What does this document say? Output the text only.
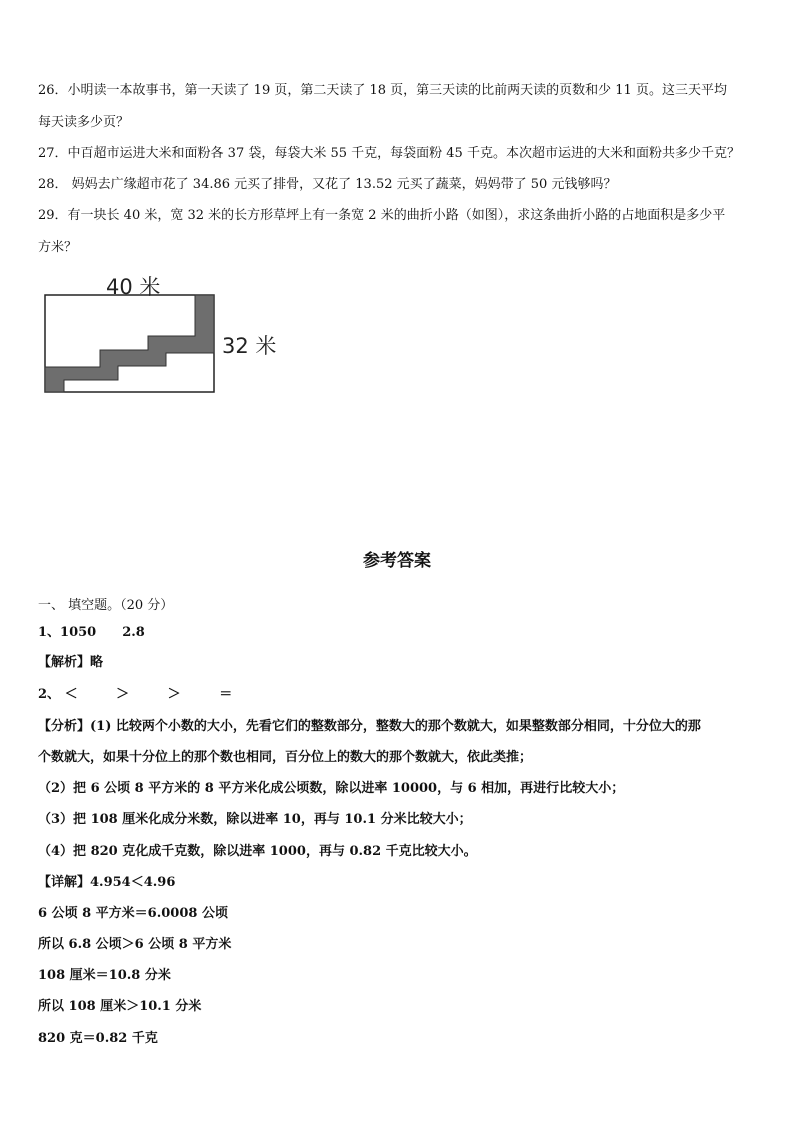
26．小明读一本故事书，第一天读了 19 页，第二天读了 18 页，第三天读的比前两天读的页数和少 11 页。这三天平均
每天读多少页？
27．中百超市运进大米和面粉各 37 袋，每袋大米 55 千克，每袋面粉 45 千克。本次超市运进的大米和面粉共多少千克？
28． 妈妈去广缘超市花了 34.86 元买了排骨，又花了 13.52 元买了蔬菜，妈妈带了 50 元钱够吗？
29．有一块长 40 米，宽 32 米的长方形草坪上有一条宽 2 米的曲折小路（如图），求这条曲折小路的占地面积是多少平
方米？
40 米
32 米
参考答案
一、 填空题。（20 分）
1、1050 2.8
【解析】略
2、 ＜	＞	＞	＝
【分析】(1) 比较两个小数的大小，先看它们的整数部分，整数大的那个数就大，如果整数部分相同，十分位大的那
个数就大，如果十分位上的那个数也相同，百分位上的数大的那个数就大，依此类推；
（2）把 6 公顷 8 平方米的 8 平方米化成公顷数，除以进率 10000，与 6 相加，再进行比较大小；
（3）把 108 厘米化成分米数，除以进率 10，再与 10.1 分米比较大小；
（4）把 820 克化成千克数，除以进率 1000，再与 0.82 千克比较大小。
【详解】4.954＜4.96
6 公顷 8 平方米＝6.0008 公顷
所以 6.8 公顷＞6 公顷 8 平方米
108 厘米＝10.8 分米
所以 108 厘米＞10.1 分米
820 克＝0.82 千克
